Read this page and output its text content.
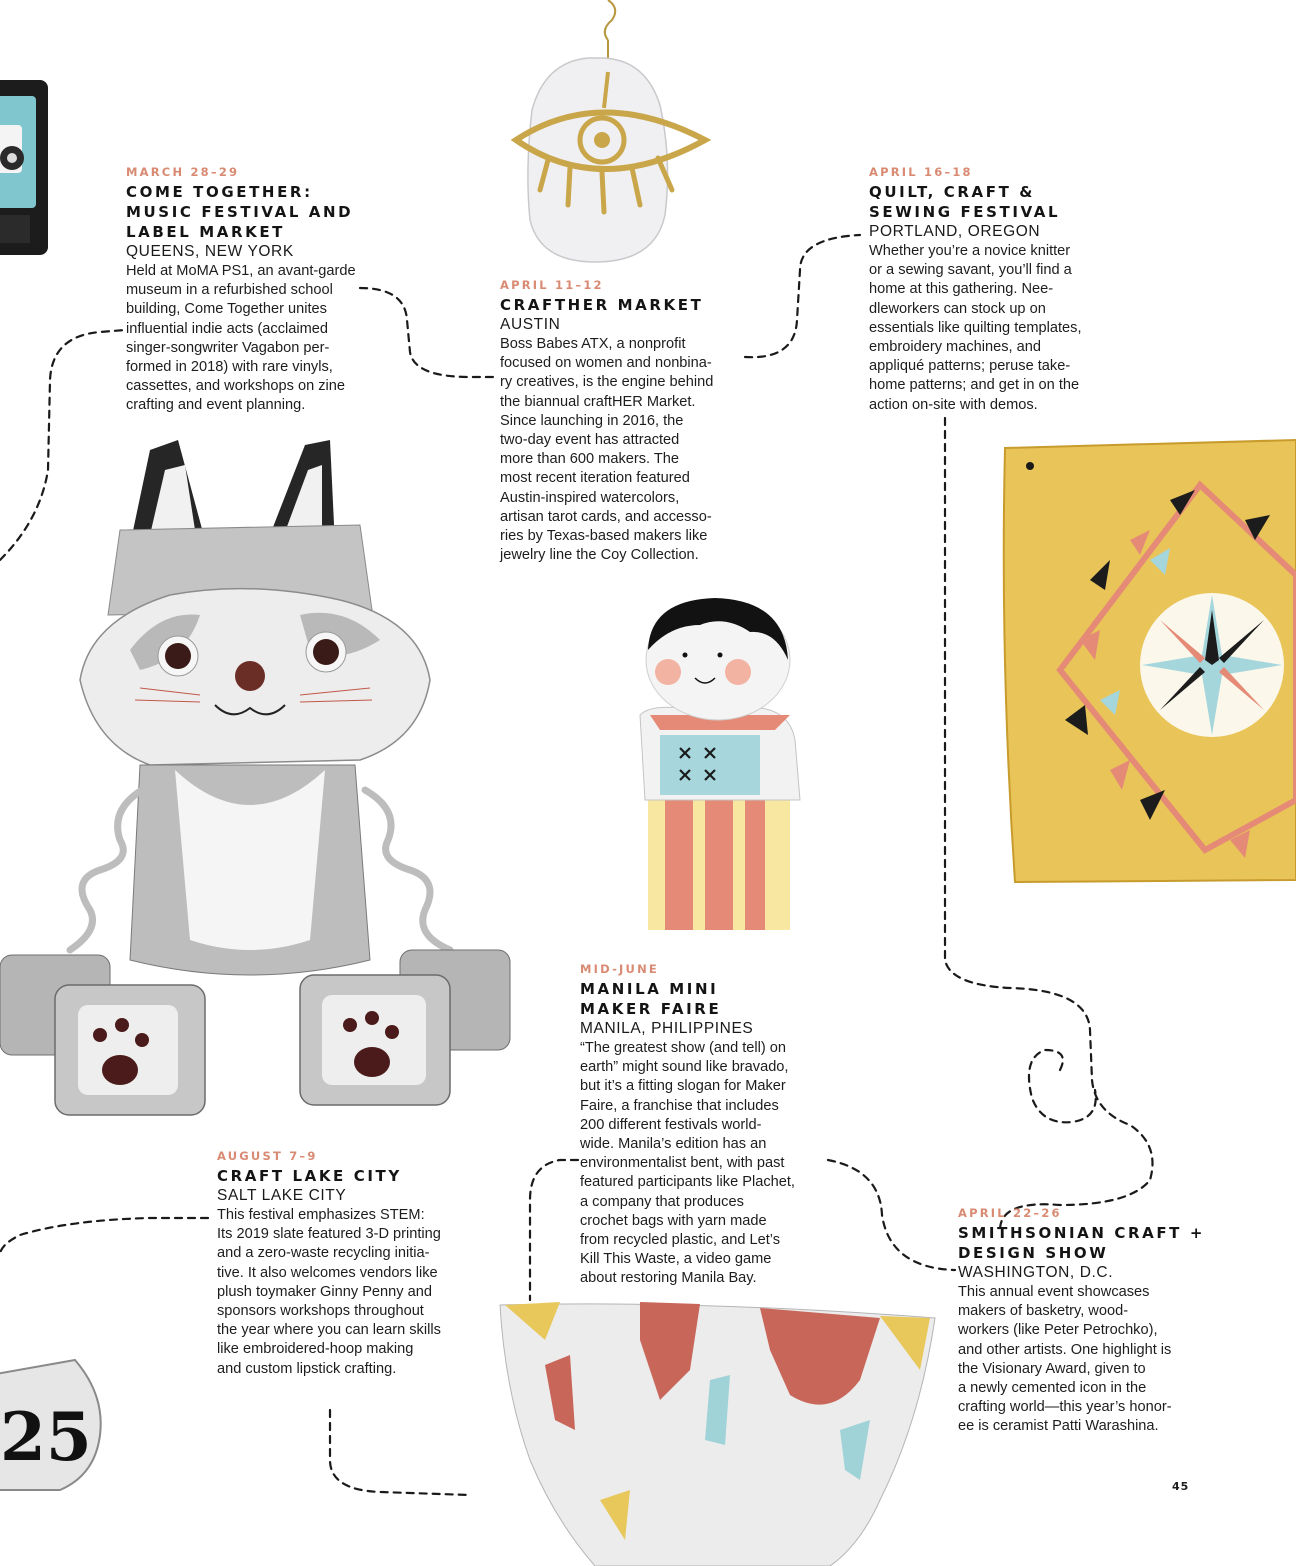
25
MARCH 28–29
COME TOGETHER:
MUSIC FESTIVAL AND
LABEL MARKET
QUEENS, NEW YORK

Held at MoMA PS1, an avant-garde

museum in a refurbished school

building, Come Together unites

influential indie acts (acclaimed

singer-songwriter Vagabon per-

formed in 2018) with rare vinyls,

cassettes, and workshops on zine

crafting and event planning.

APRIL 11–12
CRAFTHER MARKET
AUSTIN

Boss Babes ATX, a nonprofit

focused on women and nonbina-

ry creatives, is the engine behind

the biannual craftHER Market.

Since launching in 2016, the

two-day event has attracted

more than 600 makers. The

most recent iteration featured

Austin-inspired watercolors,

artisan tarot cards, and accesso-

ries by Texas-based makers like

jewelry line the Coy Collection.

APRIL 16–18
QUILT, CRAFT &
SEWING FESTIVAL
PORTLAND, OREGON

Whether you’re a novice knitter

or a sewing savant, you’ll find a

home at this gathering. Nee-

dleworkers can stock up on

essentials like quilting templates,

embroidery machines, and

appliqué patterns; peruse take-

home patterns; and get in on the

action on-site with demos.

MID-JUNE
MANILA MINI
MAKER FAIRE
MANILA, PHILIPPINES

“The greatest show (and tell) on

earth” might sound like bravado,

but it’s a fitting slogan for Maker

Faire, a franchise that includes

200 different festivals world-

wide. Manila’s edition has an

environmentalist bent, with past

featured participants like Plachet,

a company that produces

crochet bags with yarn made

from recycled plastic, and Let’s

Kill This Waste, a video game

about restoring Manila Bay.

AUGUST 7–9
CRAFT LAKE CITY
SALT LAKE CITY

This festival emphasizes STEM:

Its 2019 slate featured 3-D printing

and a zero-waste recycling initia-

tive. It also welcomes vendors like

plush toymaker Ginny Penny and

sponsors workshops throughout

the year where you can learn skills

like embroidered-hoop making

and custom lipstick crafting.

APRIL 22–26
SMITHSONIAN CRAFT +
DESIGN SHOW
WASHINGTON, D.C.

This annual event showcases

makers of basketry, wood-

workers (like Peter Petrochko),

and other artists. One highlight is

the Visionary Award, given to

a newly cemented icon in the

crafting world—this year’s honor-

ee is ceramist Patti Warashina.

45
